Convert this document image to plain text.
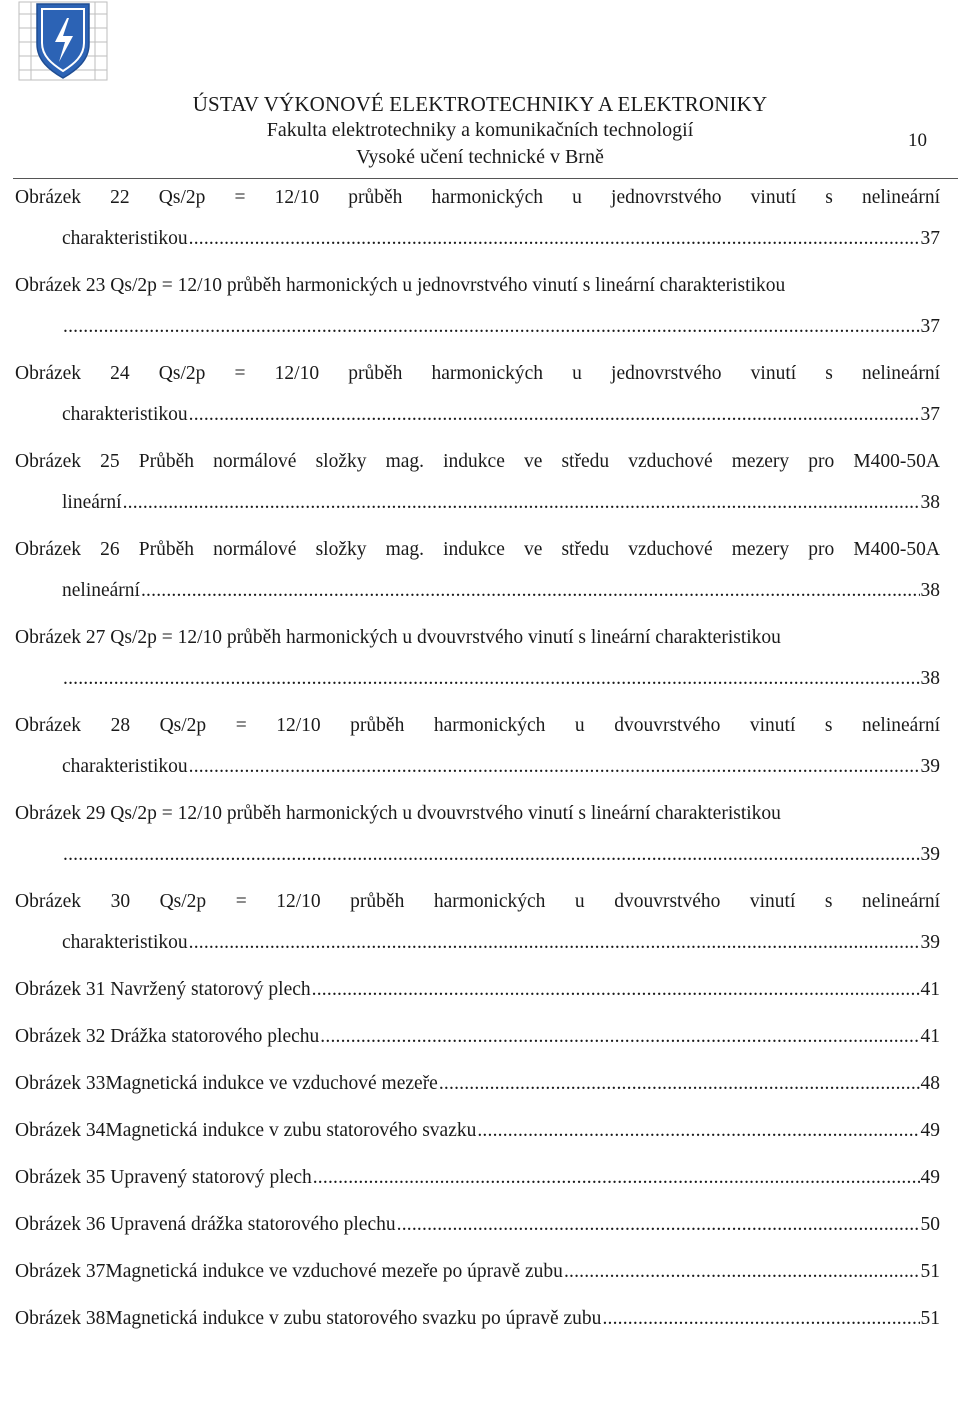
ÚSTAV VÝKONOVÉ ELEKTROTECHNIKY A ELEKTRONIKY
Fakulta elektrotechniky a komunikačních technologií
Vysoké učení technické v Brně
10
Obrázek 22 Qs/2p = 12/10 průběh harmonických u jednovrstvého vinutí s nelineární
charakteristikou .....	37
Obrázek 23 Qs/2p = 12/10 průběh harmonických u jednovrstvého vinutí s lineární charakteristikou
.....
37
Obrázek 24 Qs/2p = 12/10 průběh harmonických u jednovrstvého vinutí s nelineární
charakteristikou .....	37
Obrázek 25 Průběh normálové složky mag. indukce ve středu vzduchové mezery pro M400-50A
lineární .....	38
Obrázek 26 Průběh normálové složky mag. indukce ve středu vzduchové mezery pro M400-50A
nelineární .....	38
Obrázek 27 Qs/2p = 12/10 průběh harmonických u dvouvrstvého vinutí s lineární charakteristikou
.....
38
Obrázek 28 Qs/2p = 12/10 průběh harmonických u dvouvrstvého vinutí s nelineární
charakteristikou .....	39
Obrázek 29 Qs/2p = 12/10 průběh harmonických u dvouvrstvého vinutí s lineární charakteristikou
.....
39
Obrázek 30 Qs/2p = 12/10 průběh harmonických u dvouvrstvého vinutí s nelineární
charakteristikou .....	39
Obrázek 31 Navržený statorový plech .....	41
Obrázek 32 Drážka statorového plechu .....	41
Obrázek 33Magnetická indukce ve vzduchové mezeře .....	48
Obrázek 34Magnetická indukce v zubu statorového svazku .....	49
Obrázek 35 Upravený statorový plech .....	49
Obrázek 36 Upravená drážka statorového plechu .....	50
Obrázek 37Magnetická indukce ve vzduchové mezeře po úpravě zubu .....	51
Obrázek 38Magnetická indukce v zubu statorového svazku po úpravě zubu .....	51
